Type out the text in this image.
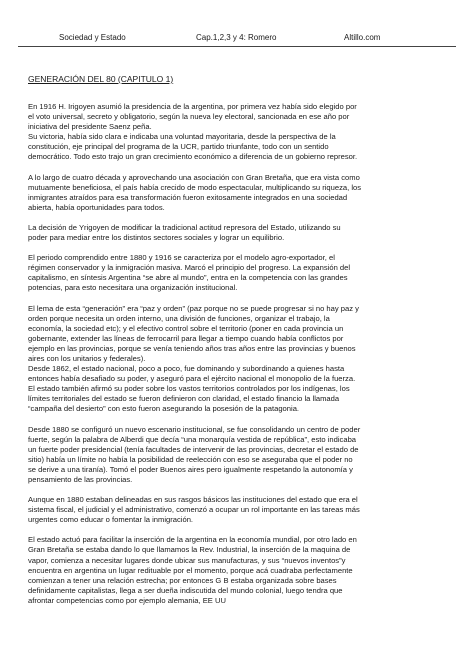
Sociedad y Estado	Cap.1,2,3 y 4: Romero	Altillo.com
GENERACIÓN DEL 80 (CAPITULO 1)
En 1916 H. Irigoyen asumió la presidencia de la argentina, por primera vez había sido elegido por
el voto universal, secreto y obligatorio, según la nueva ley electoral, sancionada en ese año por
iniciativa del presidente Saenz peña.
Su victoria, había sido clara e indicaba una voluntad mayoritaria, desde la perspectiva de la
constitución, eje principal del programa de la UCR, partido triunfante, todo con un sentido
democrático. Todo esto trajo un gran crecimiento económico a diferencia de un gobierno represor.
A lo largo de cuatro década y aprovechando una asociación con Gran Bretaña, que era vista como
mutuamente beneficiosa, el país había crecido de modo espectacular, multiplicando su riqueza, los
inmigrantes atraídos para esa transformación fueron exitosamente integrados en una sociedad
abierta, había oportunidades para todos.
La decisión de Yrigoyen de modificar la tradicional actitud represora del Estado, utilizando su
poder para mediar entre los distintos sectores sociales y lograr un equilibrio.
El periodo comprendido entre 1880 y 1916 se caracteriza por el modelo agro-exportador, el
régimen conservador y la inmigración masiva. Marcó el principio del progreso. La expansión del
capitalismo, en síntesis Argentina “se abre al mundo”, entra en la competencia con las grandes
potencias, para esto necesitara una organización institucional.
El lema de esta “generación” era “paz y orden” (paz porque no se puede progresar si no hay paz y
orden porque necesita un orden interno, una división de funciones, organizar el trabajo, la
economía, la sociedad etc); y el efectivo control sobre el territorio (poner en cada provincia un
gobernante, extender las líneas de ferrocarril para llegar a tiempo cuando había conflictos por
ejemplo en las provincias, porque se venía teniendo años tras años entre las provincias y buenos
aires con los unitarios y federales).
Desde 1862, el estado nacional, poco a poco, fue dominando y subordinando a quienes hasta
entonces había desafiado su poder, y aseguró para el ejército nacional el monopolio de la fuerza.
El estado también afirmó su poder sobre los vastos territorios controlados por los indígenas, los
límites territoriales del estado se fueron definieron con claridad, el estado financio la llamada
“campaña del desierto” con esto fueron asegurando la posesión de la patagonia.
Desde 1880 se configuró un nuevo escenario institucional, se fue consolidando un centro de poder
fuerte, según la palabra de Alberdi que decía “una monarquía vestida de república”, esto indicaba
un fuerte poder presidencial (tenía facultades de intervenir de las provincias, decretar el estado de
sitio) había un límite no había la posibilidad de reelección con eso se aseguraba que el poder no
se derive a una tiranía). Tomó el poder Buenos aires pero igualmente respetando la autonomía y
pensamiento de las provincias.
Aunque en 1880 estaban delineadas en sus rasgos básicos las instituciones del estado que era el
sistema fiscal, el judicial y el administrativo, comenzó a ocupar un rol importante en las tareas más
urgentes como educar o fomentar la inmigración.
El estado actuó para facilitar la inserción de la argentina en la economía mundial, por otro lado en
Gran Bretaña se estaba dando lo que llamamos la Rev. Industrial, la inserción de la maquina de
vapor, comienza a necesitar lugares donde ubicar sus manufacturas, y sus “nuevos inventos”y
encuentra en argentina un lugar redituable por el momento, porque acá cuadraba perfectamente
comienzan a tener una relación estrecha; por entonces G B estaba organizada sobre bases
definidamente capitalistas, llega a ser dueña indiscutida del mundo colonial, luego tendra que
afrontar competencias como por ejemplo alemania, EE UU
